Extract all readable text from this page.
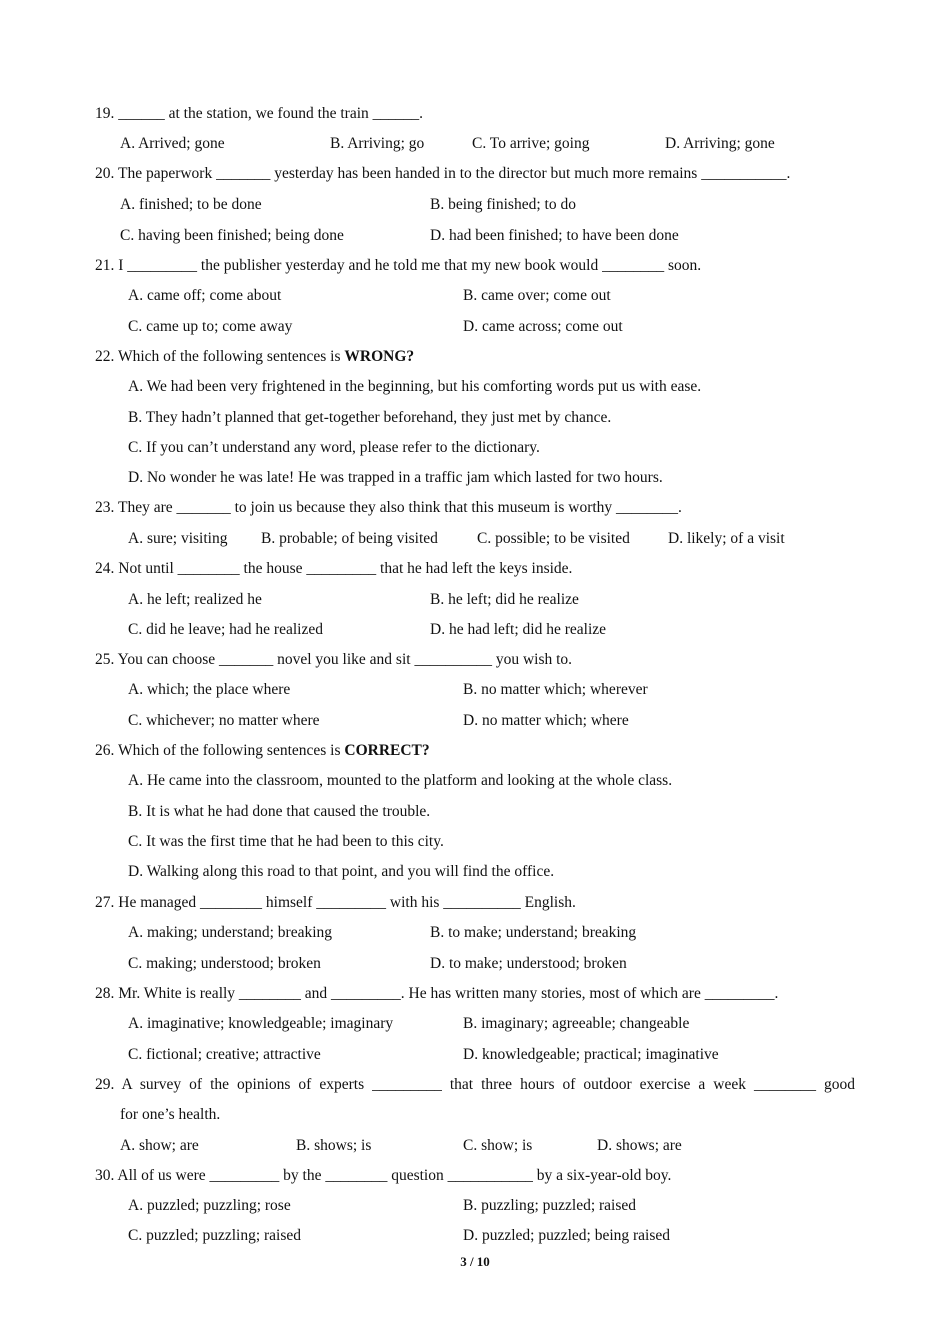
19. ______ at the station, we found the train ______.
A. Arrived; gone	B. Arriving; go	C. To arrive; going	D. Arriving; gone
20. The paperwork _______ yesterday has been handed in to the director but much more remains ___________.
A. finished; to be done	B. being finished; to do
C. having been finished; being done	D. had been finished; to have been done
21. I _________ the publisher yesterday and he told me that my new book would ________ soon.
A. came off; come about	B. came over; come out
C. came up to; come away	D. came across; come out
22. Which of the following sentences is WRONG?
A. We had been very frightened in the beginning, but his comforting words put us with ease.
B. They hadn’t planned that get-together beforehand, they just met by chance.
C. If you can’t understand any word, please refer to the dictionary.
D. No wonder he was late! He was trapped in a traffic jam which lasted for two hours.
23. They are _______ to join us because they also think that this museum is worthy ________.
A. sure; visiting B. probable; of being visited	C. possible; to be visited D. likely; of a visit
24. Not until ________ the house _________ that he had left the keys inside.
A. he left; realized he	B. he left; did he realize
C. did he leave; had he realized	D. he had left; did he realize
25. You can choose _______ novel you like and sit __________ you wish to.
A. which; the place where	B. no matter which; wherever
C. whichever; no matter where	D. no matter which; where
26. Which of the following sentences is CORRECT?
A. He came into the classroom, mounted to the platform and looking at the whole class.
B. It is what he had done that caused the trouble.
C. It was the first time that he had been to this city.
D. Walking along this road to that point, and you will find the office.
27. He managed ________ himself _________ with his __________ English.
A. making; understand; breaking	B. to make; understand; breaking
C. making; understood; broken	D. to make; understood; broken
28. Mr. White is really ________ and _________. He has written many stories, most of which are _________.
A. imaginative; knowledgeable; imaginary	B. imaginary; agreeable; changeable
C. fictional; creative; attractive	D. knowledgeable; practical; imaginative
29. A survey of the opinions of experts _________ that three hours of outdoor exercise a week ________ good
for one’s health.
A. show; are	B. shows; is	C. show; is	D. shows; are
30. All of us were _________ by the ________ question ___________ by a six-year-old boy.
A. puzzled; puzzling; rose	B. puzzling; puzzled; raised
C. puzzled; puzzling; raised	D. puzzled; puzzled; being raised
3 / 10
